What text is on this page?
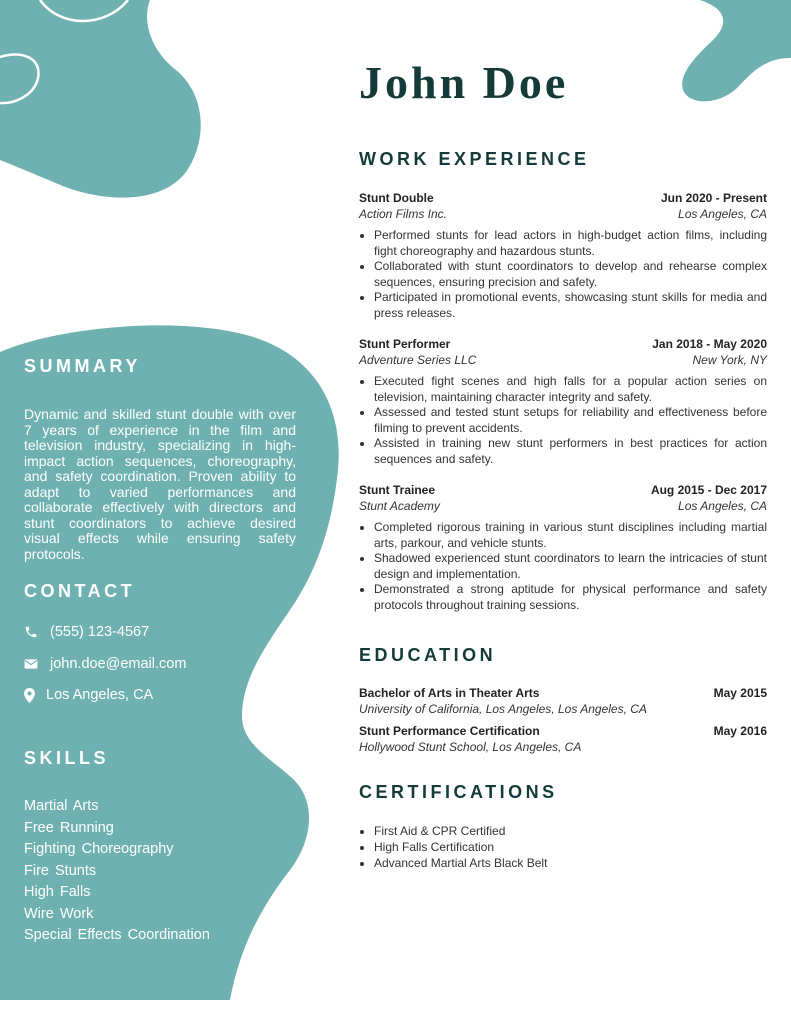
SUMMARY
Dynamic and skilled stunt double with over 7 years of experience in the film and television industry, specializing in high-impact action sequences, choreography, and safety coordination. Proven ability to adapt to varied performances and collaborate effectively with directors and stunt coordinators to achieve desired visual effects while ensuring safety protocols.
CONTACT
(555) 123-4567
john.doe@email.com
Los Angeles, CA
SKILLS
Martial Arts
Free Running
Fighting Choreography
Fire Stunts
High Falls
Wire Work
Special Effects Coordination
John Doe
WORK EXPERIENCE
Stunt Double	Jun 2020 - Present
Action Films Inc.	Los Angeles, CA
• Performed stunts for lead actors in high-budget action films, including fight choreography and hazardous stunts.
• Collaborated with stunt coordinators to develop and rehearse complex sequences, ensuring precision and safety.
• Participated in promotional events, showcasing stunt skills for media and press releases.
Stunt Performer	Jan 2018 - May 2020
Adventure Series LLC	New York, NY
• Executed fight scenes and high falls for a popular action series on television, maintaining character integrity and safety.
• Assessed and tested stunt setups for reliability and effectiveness before filming to prevent accidents.
• Assisted in training new stunt performers in best practices for action sequences and safety.
Stunt Trainee	Aug 2015 - Dec 2017
Stunt Academy	Los Angeles, CA
• Completed rigorous training in various stunt disciplines including martial arts, parkour, and vehicle stunts.
• Shadowed experienced stunt coordinators to learn the intricacies of stunt design and implementation.
• Demonstrated a strong aptitude for physical performance and safety protocols throughout training sessions.
EDUCATION
Bachelor of Arts in Theater Arts	May 2015
University of California, Los Angeles, Los Angeles, CA
Stunt Performance Certification	May 2016
Hollywood Stunt School, Los Angeles, CA
CERTIFICATIONS
• First Aid & CPR Certified
• High Falls Certification
• Advanced Martial Arts Black Belt
